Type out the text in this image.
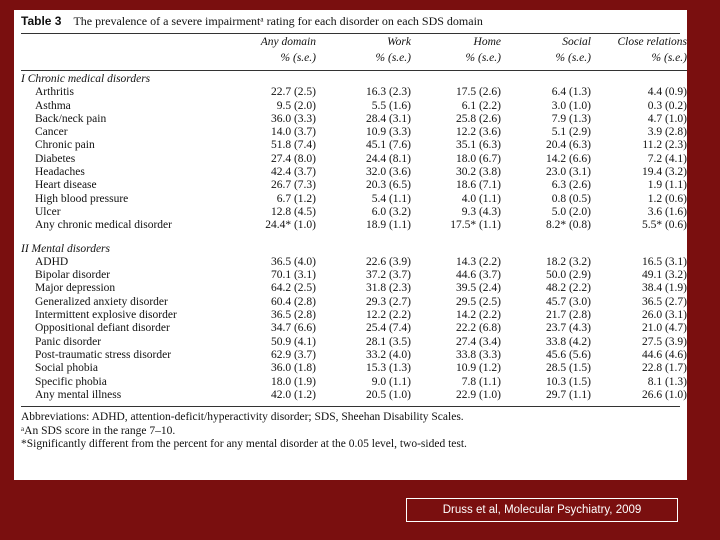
Table 3 The prevalence of a severe impairmentᵃ rating for each disorder on each SDS domain
	Any domain	Work	Home	Social	Close relations
	% (s.e.)	% (s.e.)	% (s.e.)	% (s.e.)	% (s.e.)

I Chronic medical disorders					
Arthritis	22.7 (2.5)	16.3 (2.3)	17.5 (2.6)	6.4 (1.3)	4.4 (0.9)
Asthma	9.5 (2.0)	5.5 (1.6)	6.1 (2.2)	3.0 (1.0)	0.3 (0.2)
Back/neck pain	36.0 (3.3)	28.4 (3.1)	25.8 (2.6)	7.9 (1.3)	4.7 (1.0)
Cancer	14.0 (3.7)	10.9 (3.3)	12.2 (3.6)	5.1 (2.9)	3.9 (2.8)
Chronic pain	51.8 (7.4)	45.1 (7.6)	35.1 (6.3)	20.4 (6.3)	11.2 (2.3)
Diabetes	27.4 (8.0)	24.4 (8.1)	18.0 (6.7)	14.2 (6.6)	7.2 (4.1)
Headaches	42.4 (3.7)	32.0 (3.6)	30.2 (3.8)	23.0 (3.1)	19.4 (3.2)
Heart disease	26.7 (7.3)	20.3 (6.5)	18.6 (7.1)	6.3 (2.6)	1.9 (1.1)
High blood pressure	6.7 (1.2)	5.4 (1.1)	4.0 (1.1)	0.8 (0.5)	1.2 (0.6)
Ulcer	12.8 (4.5)	6.0 (3.2)	9.3 (4.3)	5.0 (2.0)	3.6 (1.6)
Any chronic medical disorder	24.4* (1.0)	18.9 (1.1)	17.5* (1.1)	8.2* (0.8)	5.5* (0.6)

II Mental disorders					
ADHD	36.5 (4.0)	22.6 (3.9)	14.3 (2.2)	18.2 (3.2)	16.5 (3.1)
Bipolar disorder	70.1 (3.1)	37.2 (3.7)	44.6 (3.7)	50.0 (2.9)	49.1 (3.2)
Major depression	64.2 (2.5)	31.8 (2.3)	39.5 (2.4)	48.2 (2.2)	38.4 (1.9)
Generalized anxiety disorder	60.4 (2.8)	29.3 (2.7)	29.5 (2.5)	45.7 (3.0)	36.5 (2.7)
Intermittent explosive disorder	36.5 (2.8)	12.2 (2.2)	14.2 (2.2)	21.7 (2.8)	26.0 (3.1)
Oppositional defiant disorder	34.7 (6.6)	25.4 (7.4)	22.2 (6.8)	23.7 (4.3)	21.0 (4.7)
Panic disorder	50.9 (4.1)	28.1 (3.5)	27.4 (3.4)	33.8 (4.2)	27.5 (3.9)
Post-traumatic stress disorder	62.9 (3.7)	33.2 (4.0)	33.8 (3.3)	45.6 (5.6)	44.6 (4.6)
Social phobia	36.0 (1.8)	15.3 (1.3)	10.9 (1.2)	28.5 (1.5)	22.8 (1.7)
Specific phobia	18.0 (1.9)	9.0 (1.1)	7.8 (1.1)	10.3 (1.5)	8.1 (1.3)
Any mental illness	42.0 (1.2)	20.5 (1.0)	22.9 (1.0)	29.7 (1.1)	26.6 (1.0)

Abbreviations: ADHD, attention-deficit/hyperactivity disorder; SDS, Sheehan Disability Scales.
ᵃAn SDS score in the range 7–10.
*Significantly different from the percent for any mental disorder at the 0.05 level, two-sided test.
Druss et al, Molecular Psychiatry, 2009
